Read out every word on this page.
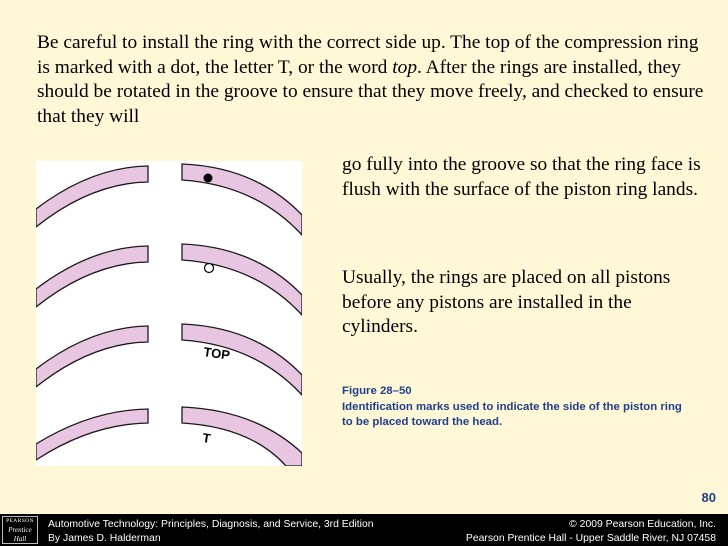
Be careful to install the ring with the correct side up. The top of the compression ring is marked with a dot, the letter T, or the word top. After the rings are installed, they should be rotated in the groove to ensure that they move freely, and checked to ensure that they will
TOP
T
go fully into the groove so that the ring face is flush with the surface of the piston ring lands.
Usually, the rings are placed on all pistons before any pistons are installed in the cylinders.
Figure 28–50
Identification marks used to indicate the side of the piston ring to be placed toward the head.
80
PEARSON
Prentice
Hall
Automotive Technology: Principles, Diagnosis, and Service, 3rd Edition
By James D. Halderman
© 2009 Pearson Education, Inc.
Pearson Prentice Hall - Upper Saddle River, NJ 07458
